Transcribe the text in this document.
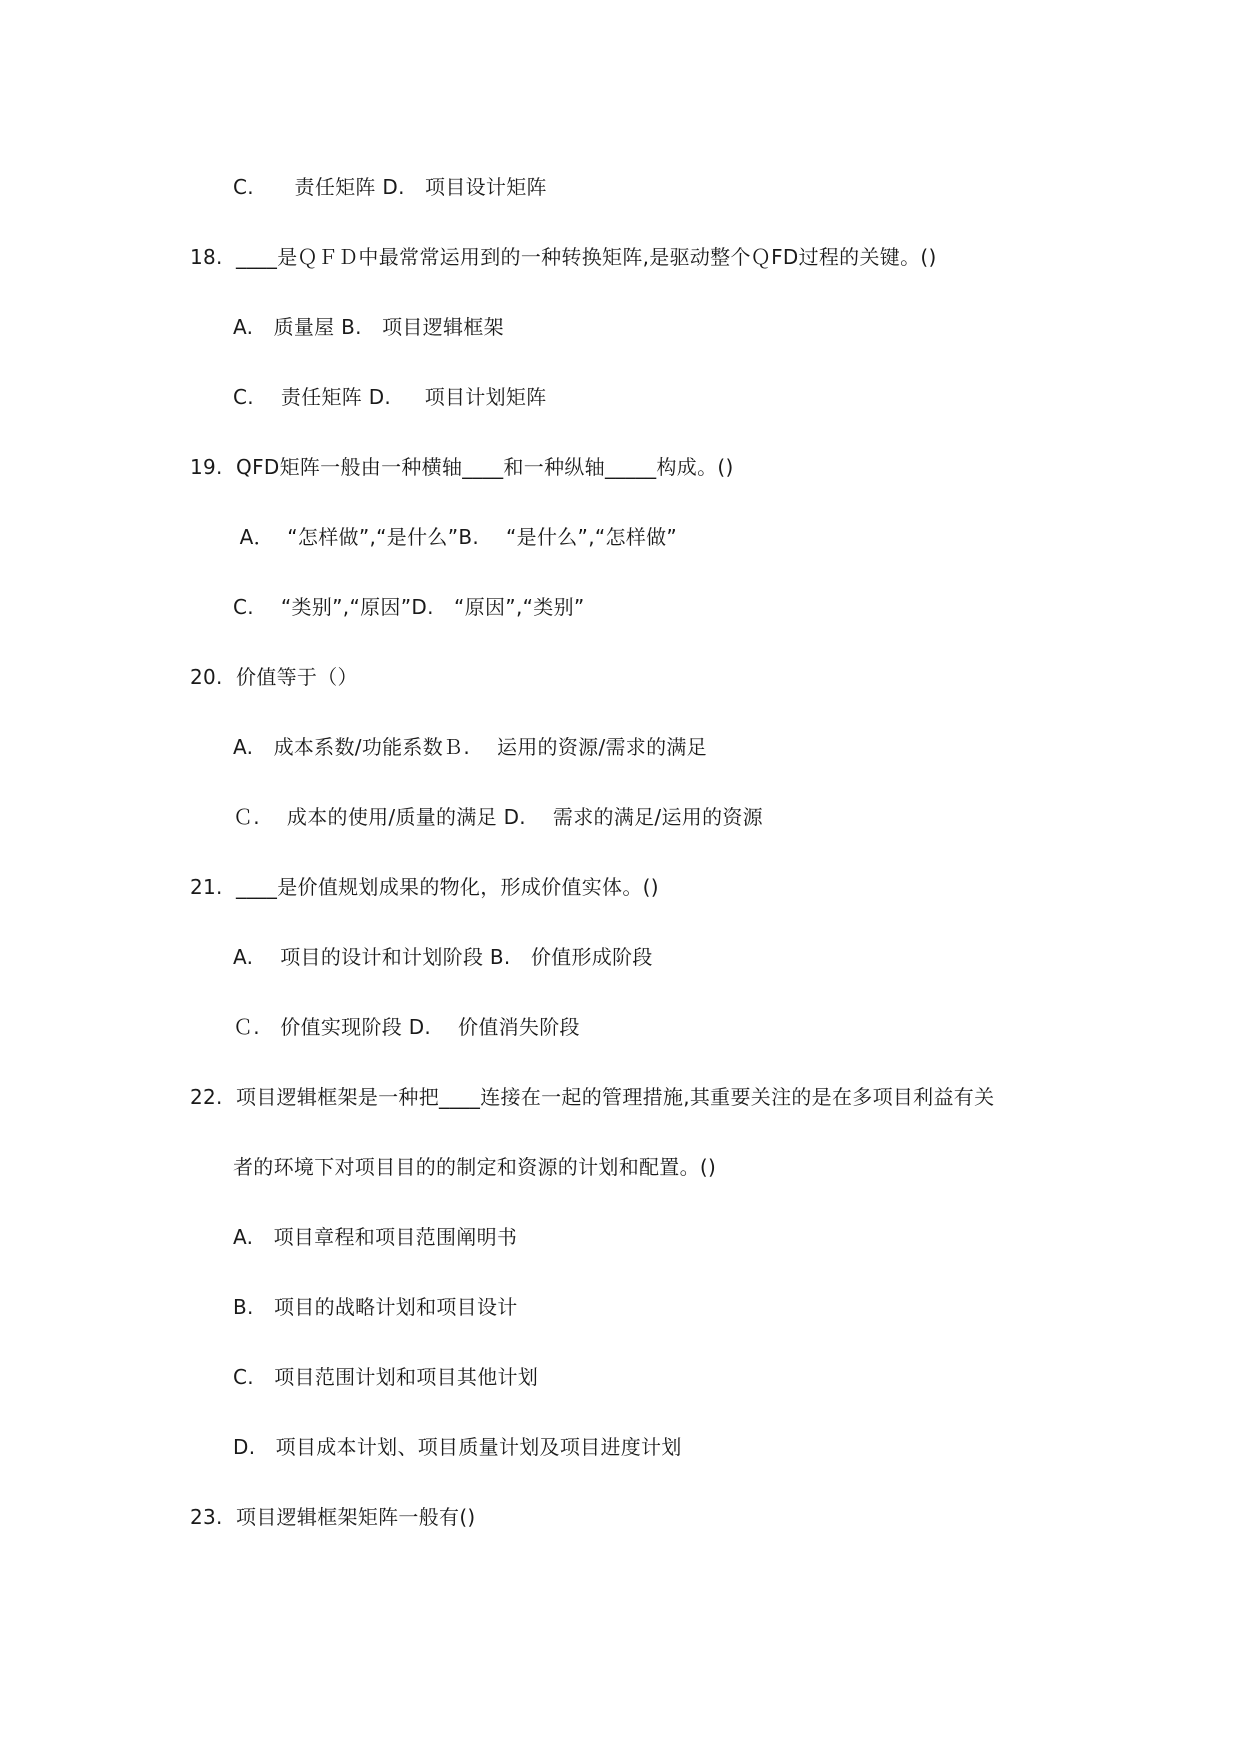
C.　　责任矩阵 D.　项目设计矩阵
18.  ____是ＱＦＤ中最常常运用到的一种转换矩阵,是驱动整个ＱFD过程的关键。()
A.　质量屋 B.　项目逻辑框架
C.　 责任矩阵 D.　  项目计划矩阵
19.  QFD矩阵一般由一种横轴____和一种纵轴_____构成。()
A．  “怎样做”,“是什么”B.　 “是什么”,“怎样做”
C.　 “类别”,“原因”D.　“原因”,“类别”
20.  价值等于（）
A.　成本系数/功能系数Ｂ.　 运用的资源/需求的满足
Ｃ.　 成本的使用/质量的满足 D.　 需求的满足/运用的资源
21.  ____是价值规划成果的物化，形成价值实体。()
A.　 项目的设计和计划阶段 B.　价值形成阶段
Ｃ.　价值实现阶段 D.　 价值消失阶段
22.  项目逻辑框架是一种把____连接在一起的管理措施,其重要关注的是在多项目利益有关
者的环境下对项目目的的制定和资源的计划和配置。()
A.　项目章程和项目范围阐明书
B.　项目的战略计划和项目设计
C.　项目范围计划和项目其他计划
D.　项目成本计划、项目质量计划及项目进度计划
23.  项目逻辑框架矩阵一般有()
